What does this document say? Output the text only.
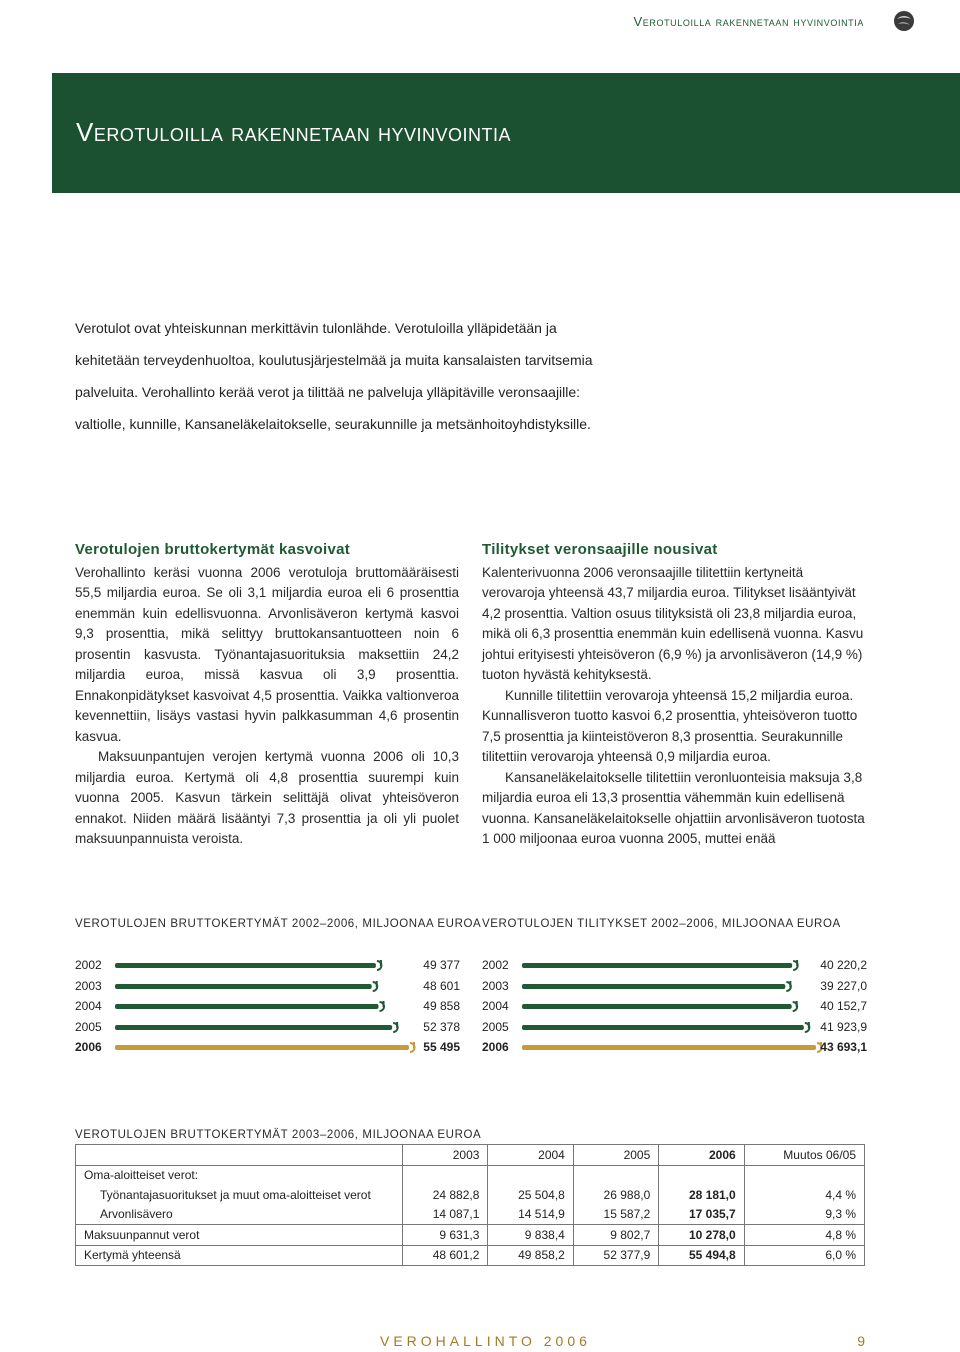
Verotuloilla rakennetaan hyvinvointia
Verotuloilla rakennetaan hyvinvointia

Verotulot ovat yhteiskunnan merkittävin tulonlähde. Verotuloilla ylläpidetään ja kehitetään terveydenhuoltoa, koulutusjärjestelmää ja muita kansalaisten tarvitsemia palveluita. Verohallinto kerää verot ja tilittää ne palveluja ylläpitäville veronsaajille: valtiolle, kunnille, Kansaneläkelaitokselle, seurakunnille ja metsänhoitoyhdistyksille.

Verotulojen bruttokertymät kasvoivat

Verohallinto keräsi vuonna 2006 verotuloja bruttomääräisesti 55,5 miljardia euroa. Se oli 3,1 miljardia euroa eli 6 prosenttia enemmän kuin edellisvuonna. Arvonlisäveron kertymä kasvoi 9,3 prosenttia, mikä selittyy bruttokansantuotteen noin 6 prosentin kasvusta. Työnantajasuorituksia maksettiin 24,2 miljardia euroa, missä kasvua oli 3,9 prosenttia. Ennakonpidätykset kasvoivat 4,5 prosenttia. Vaikka valtionveroa kevennettiin, lisäys vastasi hyvin palkkasumman 4,6 prosentin kasvua.

Maksuunpantujen verojen kertymä vuonna 2006 oli 10,3 miljardia euroa. Kertymä oli 4,8 prosenttia suurempi kuin vuonna 2005. Kasvun tärkein selittäjä olivat yhteisöveron ennakot. Niiden määrä lisääntyi 7,3 prosenttia ja oli yli puolet maksuunpannuista veroista.

Tilitykset veronsaajille nousivat

Kalenterivuonna 2006 veronsaajille tilitettiin kertyneitä verovaroja yhteensä 43,7 miljardia euroa. Tilitykset lisääntyivät 4,2 prosenttia. Valtion osuus tilityksistä oli 23,8 miljardia euroa, mikä oli 6,3 prosenttia enemmän kuin edellisenä vuonna. Kasvu johtui erityisesti yhteisöveron (6,9 %) ja arvonlisäveron (14,9 %) tuoton hyvästä kehityksestä.

Kunnille tilitettiin verovaroja yhteensä 15,2 miljardia euroa. Kunnallisveron tuotto kasvoi 6,2 prosenttia, yhteisöveron tuotto 7,5 prosenttia ja kiinteistöveron 8,3 prosenttia. Seurakunnille tilitettiin verovaroja yhteensä 0,9 miljardia euroa.

Kansaneläkelaitokselle tilitettiin veronluonteisia maksuja 3,8 miljardia euroa eli 13,3 prosenttia vähemmän kuin edellisenä vuonna. Kansaneläkelaitokselle ohjattiin arvonlisäveron tuotosta 1 000 miljoonaa euroa vuonna 2005, muttei enää

VEROTULOJEN BRUTTOKERTYMÄT 2002–2006, MILJOONAA EUROA
2002	49 377
2003	48 601
2004	49 858
2005	52 378
2006	55 495
VEROTULOJEN TILITYKSET 2002–2006, MILJOONAA EUROA
2002	40 220,2
2003	39 227,0
2004	40 152,7
2005	41 923,9
2006	43 693,1
VEROTULOJEN BRUTTOKERTYMÄT 2003–2006, MILJOONAA EUROA
	2003	2004	2005	2006	Muutos 06/05
Oma-aloitteiset verot:					
Työnantajasuoritukset ja muut oma-aloitteiset verot	24 882,8	25 504,8	26 988,0	28 181,0	4,4 %
Arvonlisävero	14 087,1	14 514,9	15 587,2	17 035,7	9,3 %
Maksuunpannut verot	9 631,3	9 838,4	9 802,7	10 278,0	4,8 %
Kertymä yhteensä	48 601,2	49 858,2	52 377,9	55 494,8	6,0 %
VEROHALLINTO 2006	9
